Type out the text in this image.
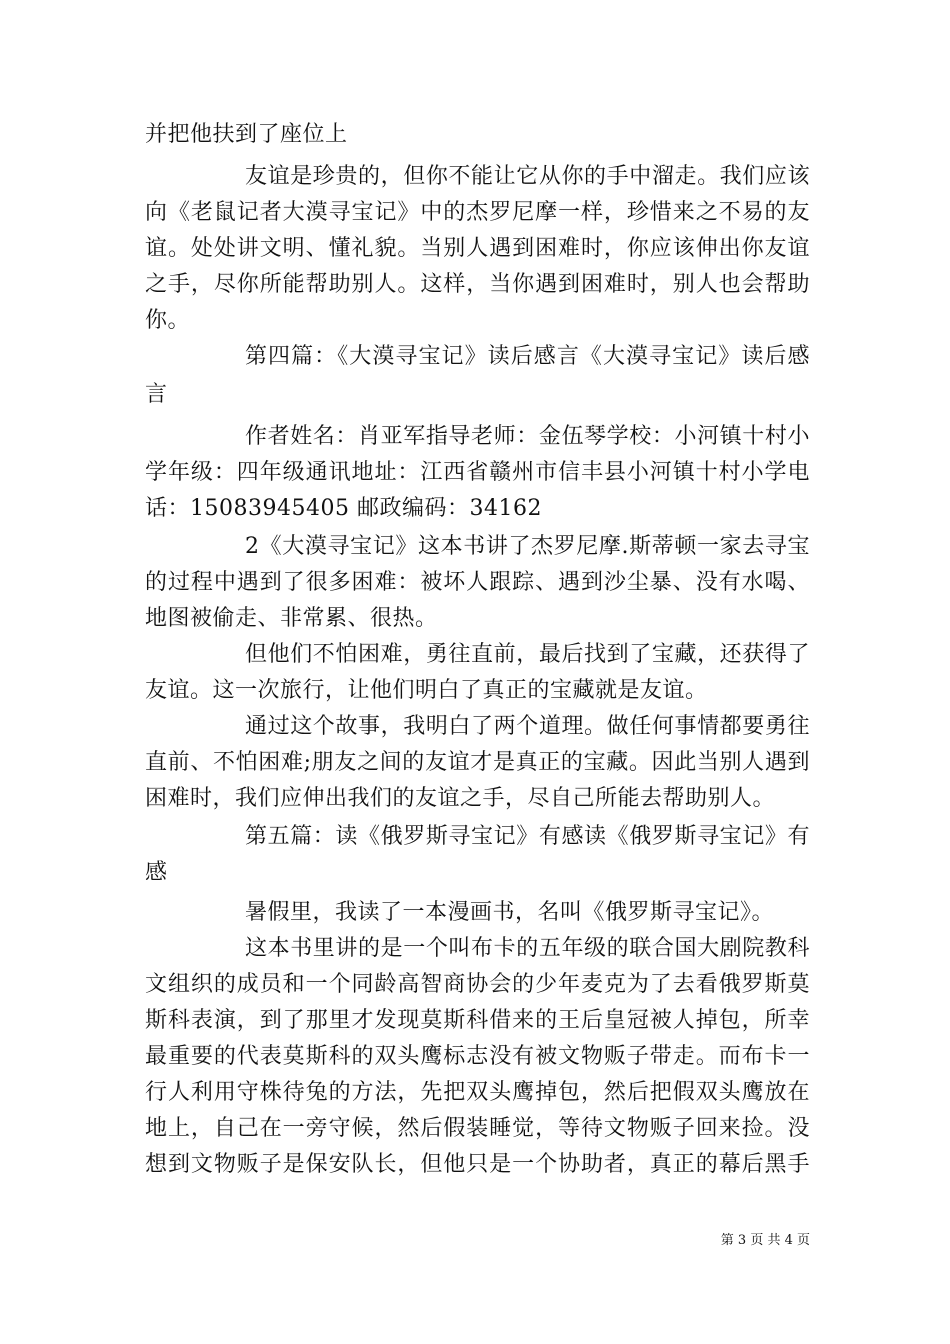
并把他扶到了座位上
友谊是珍贵的，但你不能让它从你的手中溜走。我们应该
向《老鼠记者大漠寻宝记》中的杰罗尼摩一样，珍惜来之不易的友
谊。处处讲文明、懂礼貌。当别人遇到困难时，你应该伸出你友谊
之手，尽你所能帮助别人。这样，当你遇到困难时，别人也会帮助
你。
第四篇：《大漠寻宝记》读后感言《大漠寻宝记》读后感
言
作者姓名：肖亚军指导老师：金伍琴学校：小河镇十村小
学年级：四年级通讯地址：江西省赣州市信丰县小河镇十村小学电
话：15083945405 邮政编码：34162
2《大漠寻宝记》这本书讲了杰罗尼摩.斯蒂顿一家去寻宝
的过程中遇到了很多困难：被坏人跟踪、遇到沙尘暴、没有水喝、
地图被偷走、非常累、很热。
但他们不怕困难，勇往直前，最后找到了宝藏，还获得了
友谊。这一次旅行，让他们明白了真正的宝藏就是友谊。
通过这个故事，我明白了两个道理。做任何事情都要勇往
直前、不怕困难;朋友之间的友谊才是真正的宝藏。因此当别人遇到
困难时，我们应伸出我们的友谊之手，尽自己所能去帮助别人。
第五篇：读《俄罗斯寻宝记》有感读《俄罗斯寻宝记》有
感
暑假里，我读了一本漫画书，名叫《俄罗斯寻宝记》。
这本书里讲的是一个叫布卡的五年级的联合国大剧院教科
文组织的成员和一个同龄高智商协会的少年麦克为了去看俄罗斯莫
斯科表演，到了那里才发现莫斯科借来的王后皇冠被人掉包，所幸
最重要的代表莫斯科的双头鹰标志没有被文物贩子带走。而布卡一
行人利用守株待兔的方法，先把双头鹰掉包，然后把假双头鹰放在
地上，自己在一旁守候，然后假装睡觉，等待文物贩子回来捡。没
想到文物贩子是保安队长，但他只是一个协助者，真正的幕后黑手
第 3 页 共 4 页
